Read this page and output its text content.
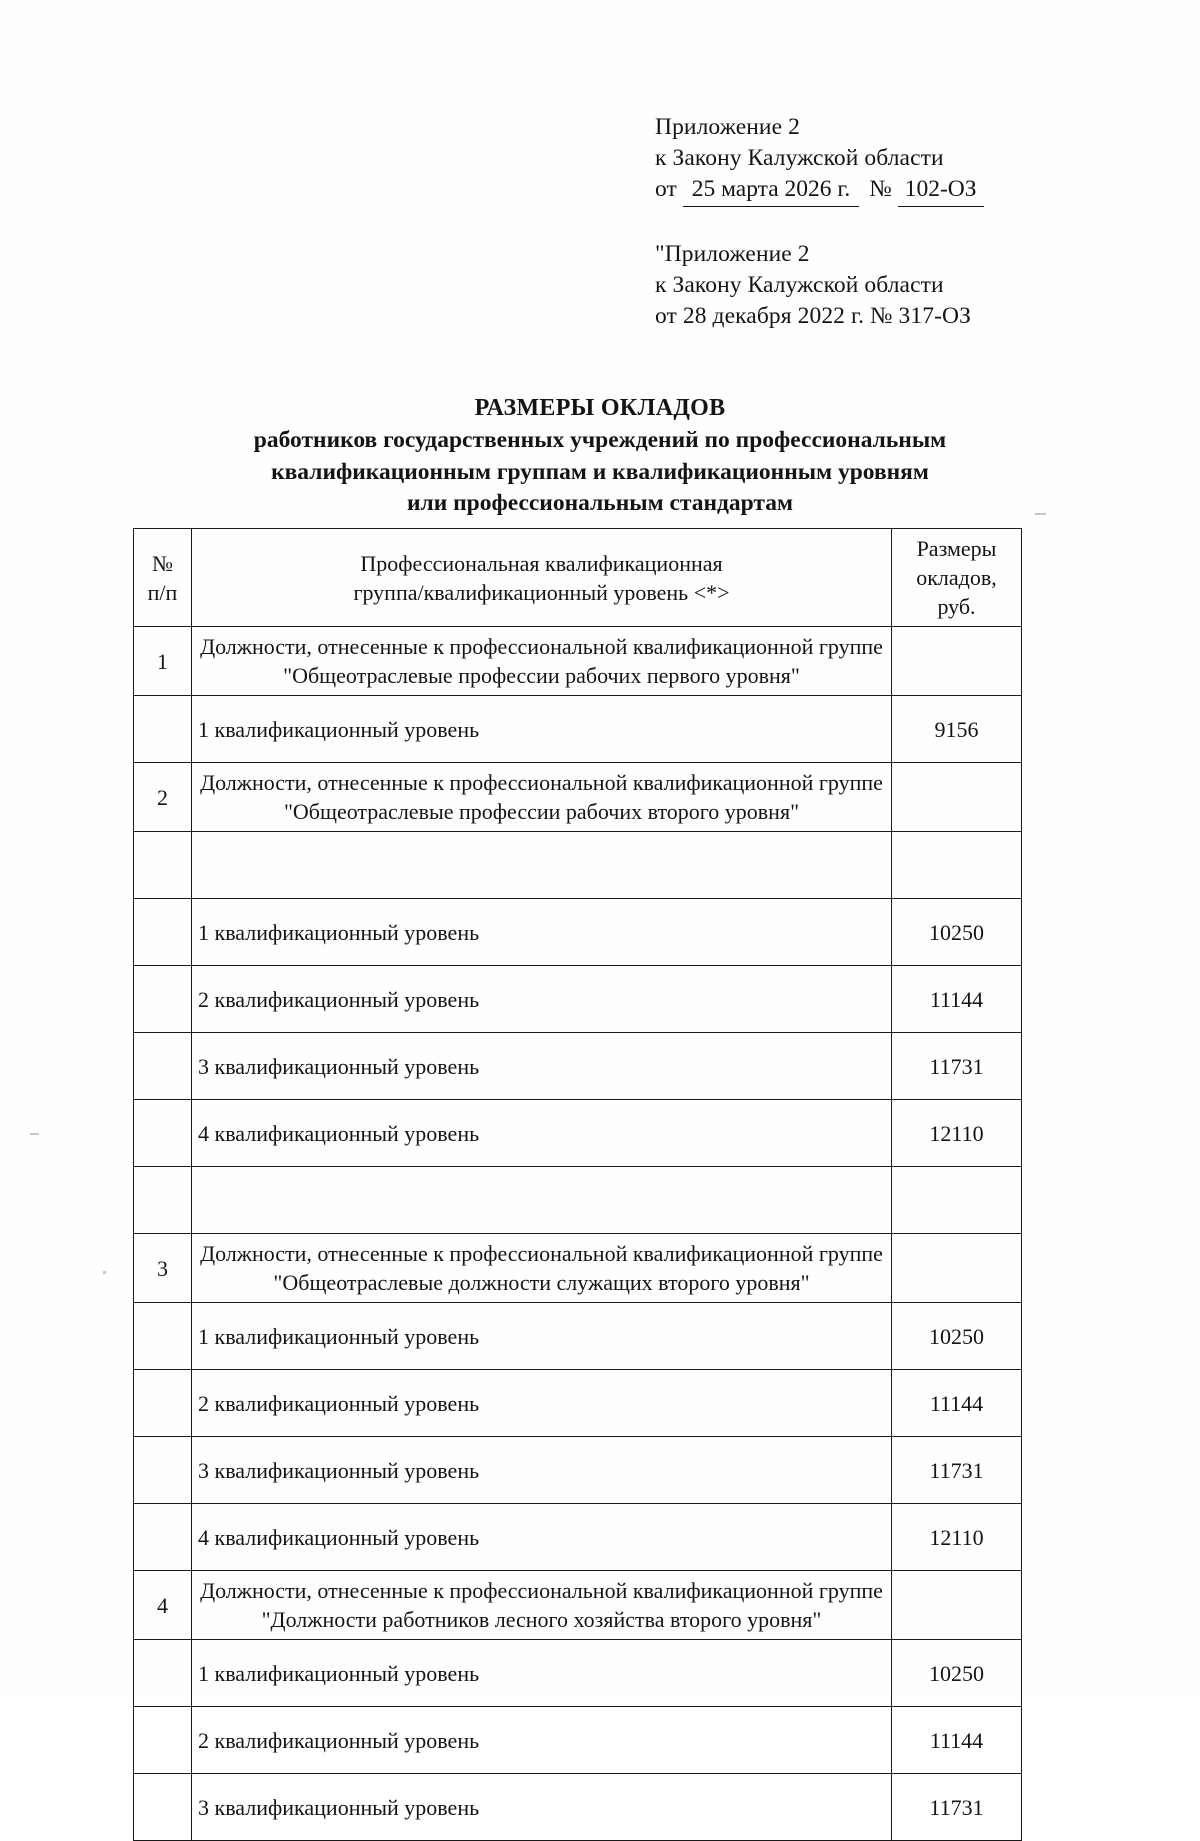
Приложение 2
к Закону Калужской области
от 25 марта 2026 г. № 102-ОЗ
"Приложение 2
к Закону Калужской области
от 28 декабря 2022 г. № 317-ОЗ
РАЗМЕРЫ ОКЛАДОВ
работников государственных учреждений по профессиональным
квалификационным группам и квалификационным уровням
или профессиональным стандартам
№
п/п	Профессиональная квалификационная
группа/квалификационный уровень <*>	Размеры
окладов, руб.

1	Должности, отнесенные к профессиональной квалификационной группе
"Общеотраслевые профессии рабочих первого уровня"	

	1 квалификационный уровень	9156
2	Должности, отнесенные к профессиональной квалификационной группе
"Общеотраслевые профессии рабочих второго уровня"	

	1 квалификационный уровень	10250
	2 квалификационный уровень	11144
	3 квалификационный уровень	11731
	4 квалификационный уровень	12110

3	Должности, отнесенные к профессиональной квалификационной группе
"Общеотраслевые должности служащих второго уровня"	

	1 квалификационный уровень	10250
	2 квалификационный уровень	11144
	3 квалификационный уровень	11731
	4 квалификационный уровень	12110
4	Должности, отнесенные к профессиональной квалификационной группе
"Должности работников лесного хозяйства второго уровня"	

	1 квалификационный уровень	10250
	2 квалификационный уровень	11144
	3 квалификационный уровень	11731
